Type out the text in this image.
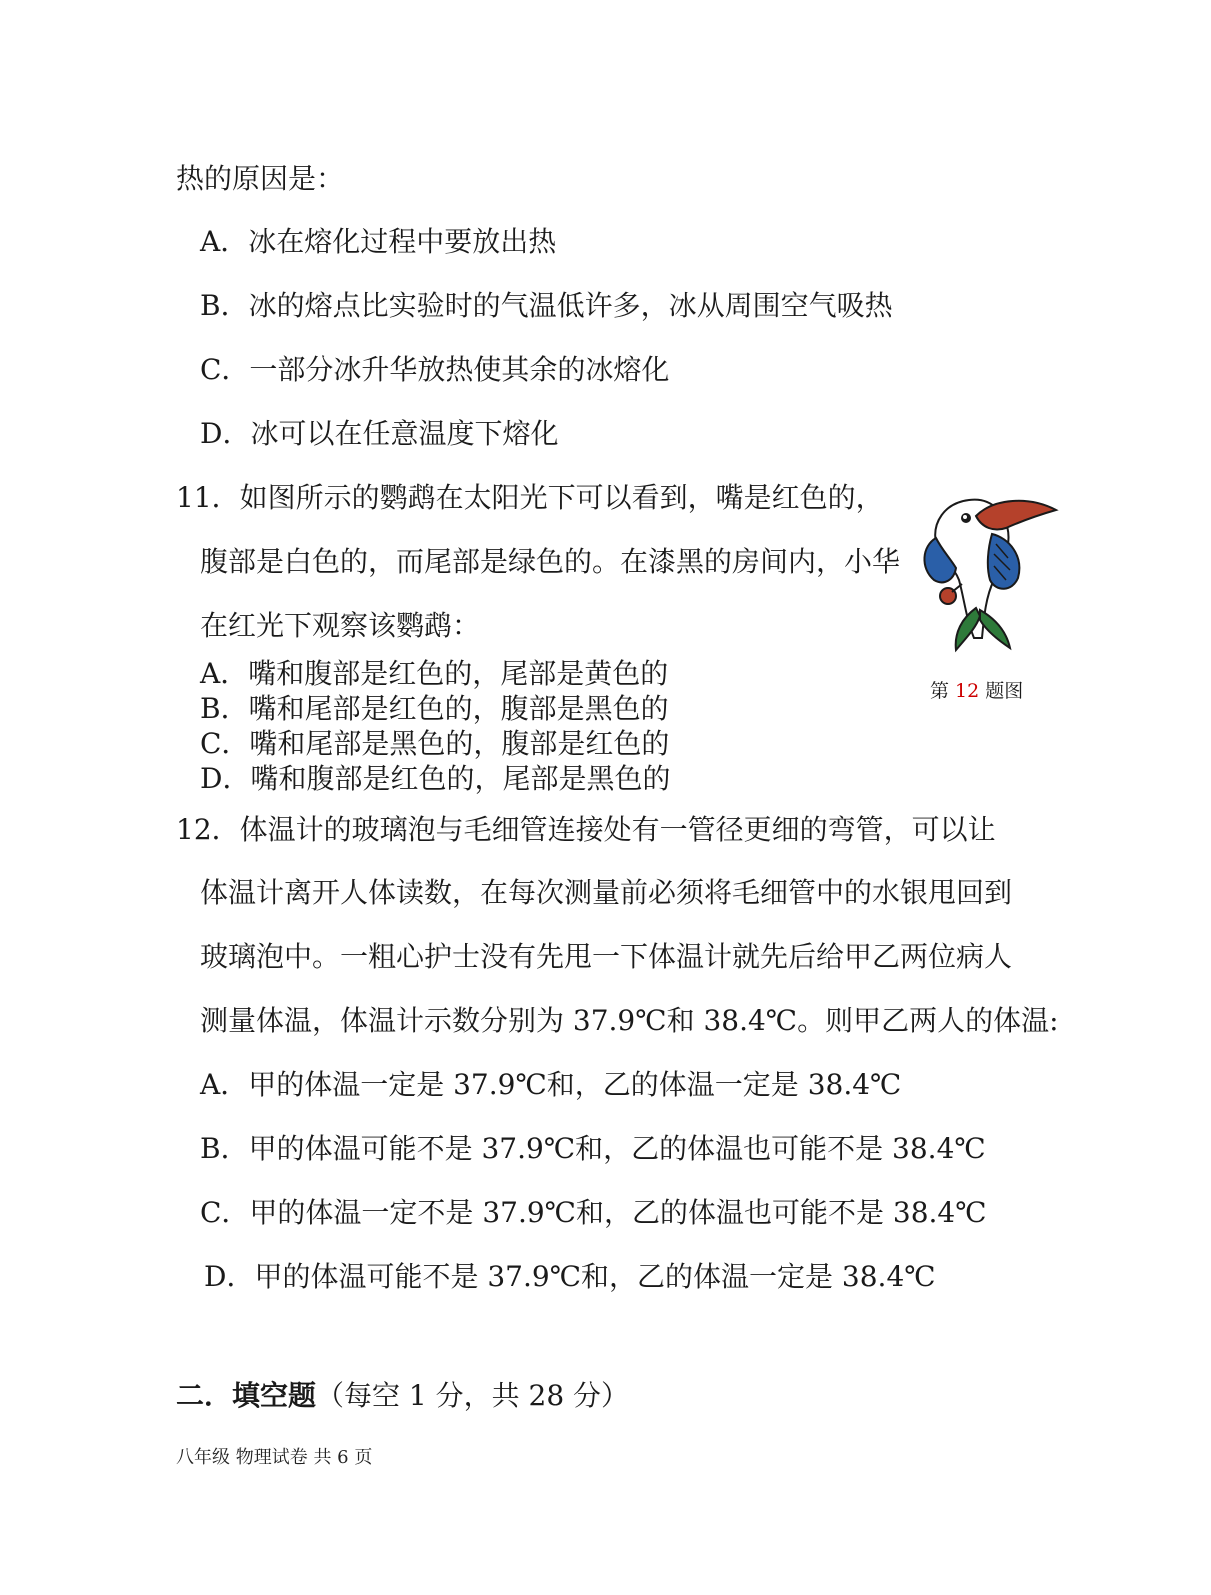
热的原因是：
A．冰在熔化过程中要放出热
B．冰的熔点比实验时的气温低许多，冰从周围空气吸热
C．一部分冰升华放热使其余的冰熔化
D．冰可以在任意温度下熔化
11．如图所示的鹦鹉在太阳光下可以看到，嘴是红色的，
腹部是白色的，而尾部是绿色的。在漆黑的房间内，小华
在红光下观察该鹦鹉：
A．嘴和腹部是红色的，尾部是黄色的
B．嘴和尾部是红色的，腹部是黑色的
C．嘴和尾部是黑色的，腹部是红色的
D．嘴和腹部是红色的，尾部是黑色的
第 12 题图
12．体温计的玻璃泡与毛细管连接处有一管径更细的弯管，可以让
体温计离开人体读数，在每次测量前必须将毛细管中的水银甩回到
玻璃泡中。一粗心护士没有先甩一下体温计就先后给甲乙两位病人
测量体温，体温计示数分别为 37.9℃和 38.4℃。则甲乙两人的体温:
A．甲的体温一定是 37.9℃和，乙的体温一定是 38.4℃
B．甲的体温可能不是 37.9℃和，乙的体温也可能不是 38.4℃
C．甲的体温一定不是 37.9℃和，乙的体温也可能不是 38.4℃
D．甲的体温可能不是 37.9℃和，乙的体温一定是 38.4℃
二．填空题（每空 1 分，共 28 分）
八年级 物理试卷 共 6 页
